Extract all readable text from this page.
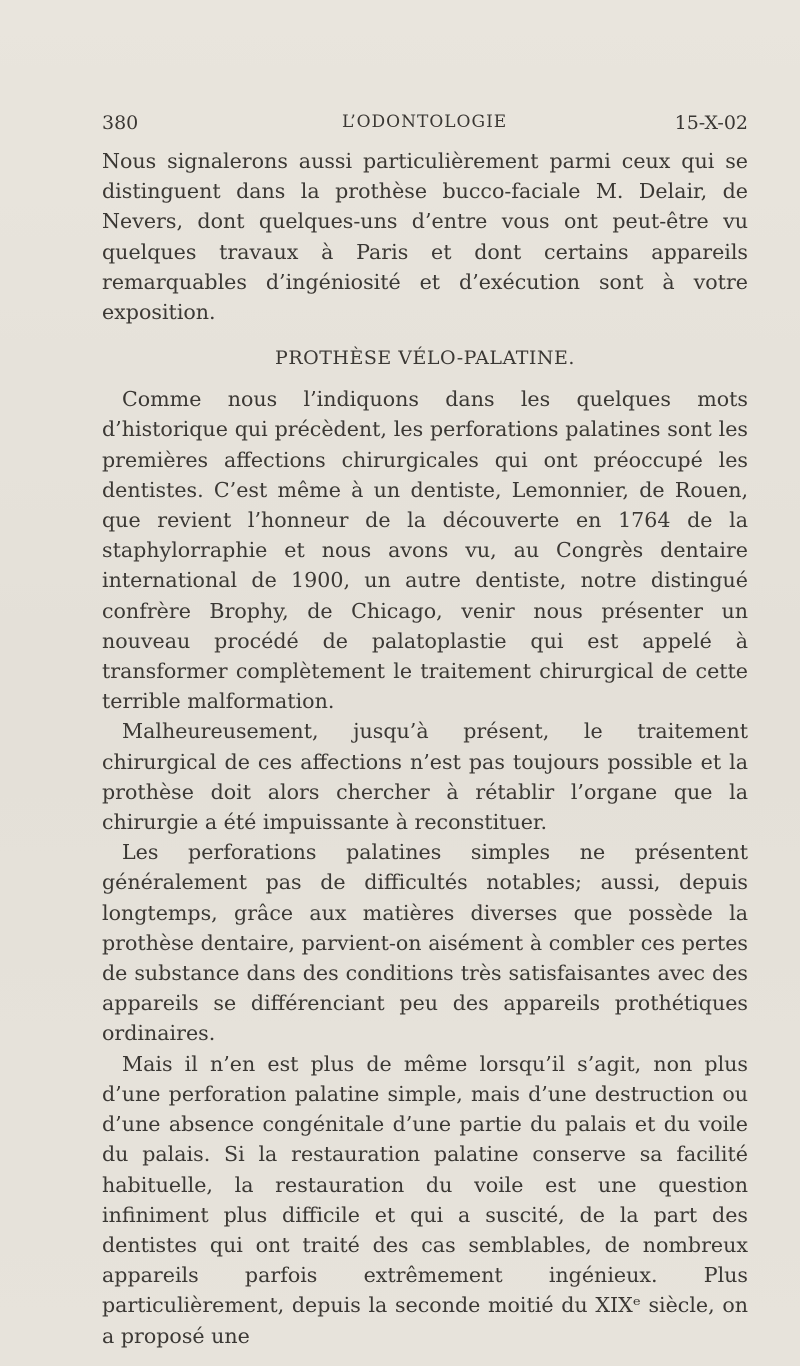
380	L’ODONTOLOGIE	15-X-02

Nous signalerons aussi particulièrement parmi ceux qui se distinguent dans la prothèse bucco-faciale M. Delair, de Nevers, dont quelques-uns d’entre vous ont peut-être vu quelques travaux à Paris et dont certains appareils remarquables d’ingéniosité et d’exécution sont à votre exposition.

PROTHÈSE VÉLO-PALATINE.

Comme nous l’indiquons dans les quelques mots d’historique qui précèdent, les perforations palatines sont les premières affections chirurgicales qui ont préoccupé les dentistes. C’est même à un dentiste, Lemonnier, de Rouen, que revient l’honneur de la découverte en 1764 de la staphylorraphie et nous avons vu, au Congrès dentaire international de 1900, un autre dentiste, notre distingué confrère Brophy, de Chicago, venir nous présenter un nouveau procédé de palatoplastie qui est appelé à transformer complètement le traitement chirurgical de cette terrible malformation.

Malheureusement, jusqu’à présent, le traitement chirurgical de ces affections n’est pas toujours possible et la prothèse doit alors chercher à rétablir l’organe que la chirurgie a été impuissante à reconstituer.

Les perforations palatines simples ne présentent généralement pas de difficultés notables; aussi, depuis longtemps, grâce aux matières diverses que possède la prothèse dentaire, parvient-on aisément à combler ces pertes de substance dans des conditions très satisfaisantes avec des appareils se différenciant peu des appareils prothétiques ordinaires.

Mais il n’en est plus de même lorsqu’il s’agit, non plus d’une perforation palatine simple, mais d’une destruction ou d’une absence congénitale d’une partie du palais et du voile du palais. Si la restauration palatine conserve sa facilité habituelle, la restauration du voile est une question infiniment plus difficile et qui a suscité, de la part des dentistes qui ont traité des cas semblables, de nombreux appareils parfois extrêmement ingénieux. Plus particulièrement, depuis la seconde moitié du XIXᵉ siècle, on a proposé une
